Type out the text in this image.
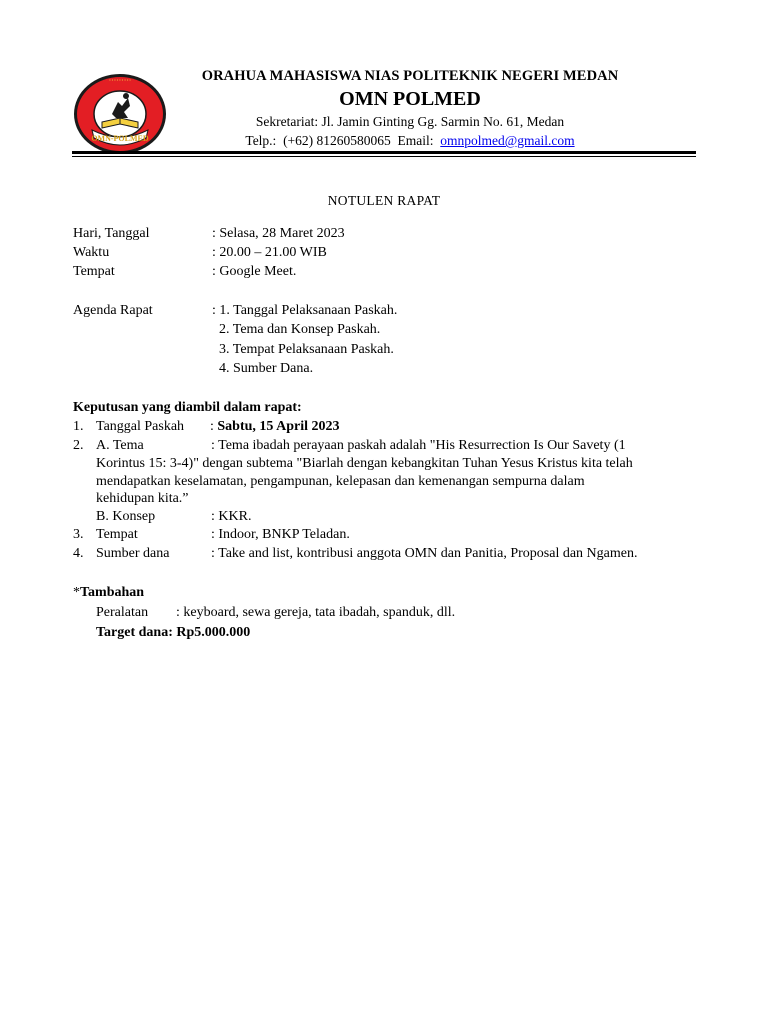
OMN-POLMED
• • • • • • • • •	ORAHUA MAHASISWA NIAS POLITEKNIK NEGERI MEDAN
OMN POLMED
Sekretariat: Jl. Jamin Ginting Gg. Sarmin No. 61, Medan
Telp.:  (+62) 81260580065  Email:  omnpolmed@gmail.com
NOTULEN RAPAT
Hari, Tanggal	: Selasa, 28 Maret 2023
Waktu	: 20.00 – 21.00 WIB
Tempat	: Google Meet.
Agenda Rapat	: 1. Tanggal Pelaksanaan Paskah.
2. Tema dan Konsep Paskah.
3. Tempat Pelaksanaan Paskah.
4. Sumber Dana.
Keputusan yang diambil dalam rapat:
1. Tanggal Paskah : Sabtu, 15 April 2023
2. A. Tema	: Tema ibadah perayaan paskah adalah "His Resurrection Is Our Savety (1
Korintus 15: 3-4)" dengan subtema "Biarlah dengan kebangkitan Tuhan Yesus Kristus kita telah
mendapatkan keselamatan, pengampunan, kelepasan dan kemenangan sempurna dalam
kehidupan kita.”
B. Konsep	: KKR.
3. Tempat	: Indoor, BNKP Teladan.
4. Sumber dana	: Take and list, kontribusi anggota OMN dan Panitia, Proposal dan Ngamen.
*Tambahan
Peralatan : keyboard, sewa gereja, tata ibadah, spanduk, dll.
Target dana: Rp5.000.000
